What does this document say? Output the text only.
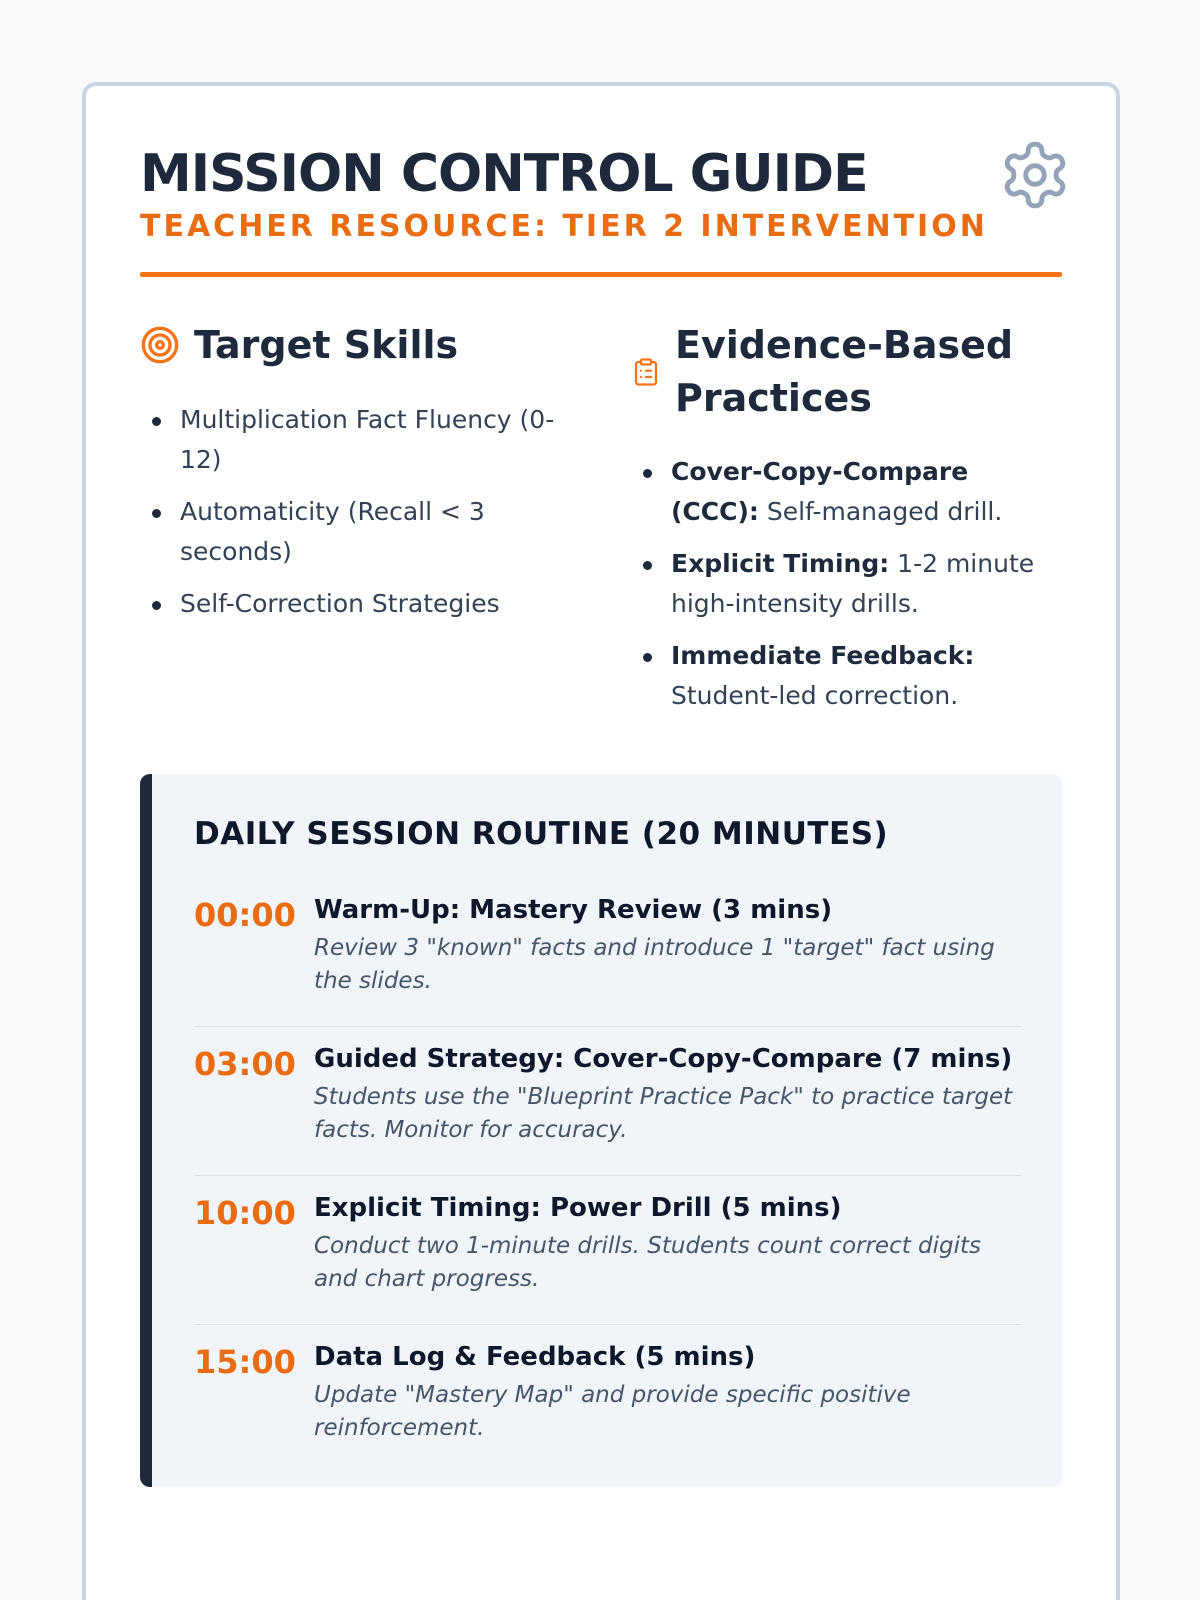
MISSION CONTROL GUIDE
TEACHER RESOURCE: TIER 2 INTERVENTION
Target Skills
Multiplication Fact Fluency (0-12)
Automaticity (Recall < 3 seconds)
Self-Correction Strategies
Evidence-Based Practices
Cover-Copy-Compare (CCC): Self-managed drill.
Explicit Timing: 1-2 minute high-intensity drills.
Immediate Feedback: Student-led correction.
DAILY SESSION ROUTINE (20 MINUTES)
00:00 Warm-Up: Mastery Review (3 mins)
Review 3 "known" facts and introduce 1 "target" fact using the slides.
03:00 Guided Strategy: Cover-Copy-Compare (7 mins)
Students use the "Blueprint Practice Pack" to practice target facts. Monitor for accuracy.
10:00 Explicit Timing: Power Drill (5 mins)
Conduct two 1-minute drills. Students count correct digits and chart progress.
15:00 Data Log & Feedback (5 mins)
Update "Mastery Map" and provide specific positive reinforcement.
